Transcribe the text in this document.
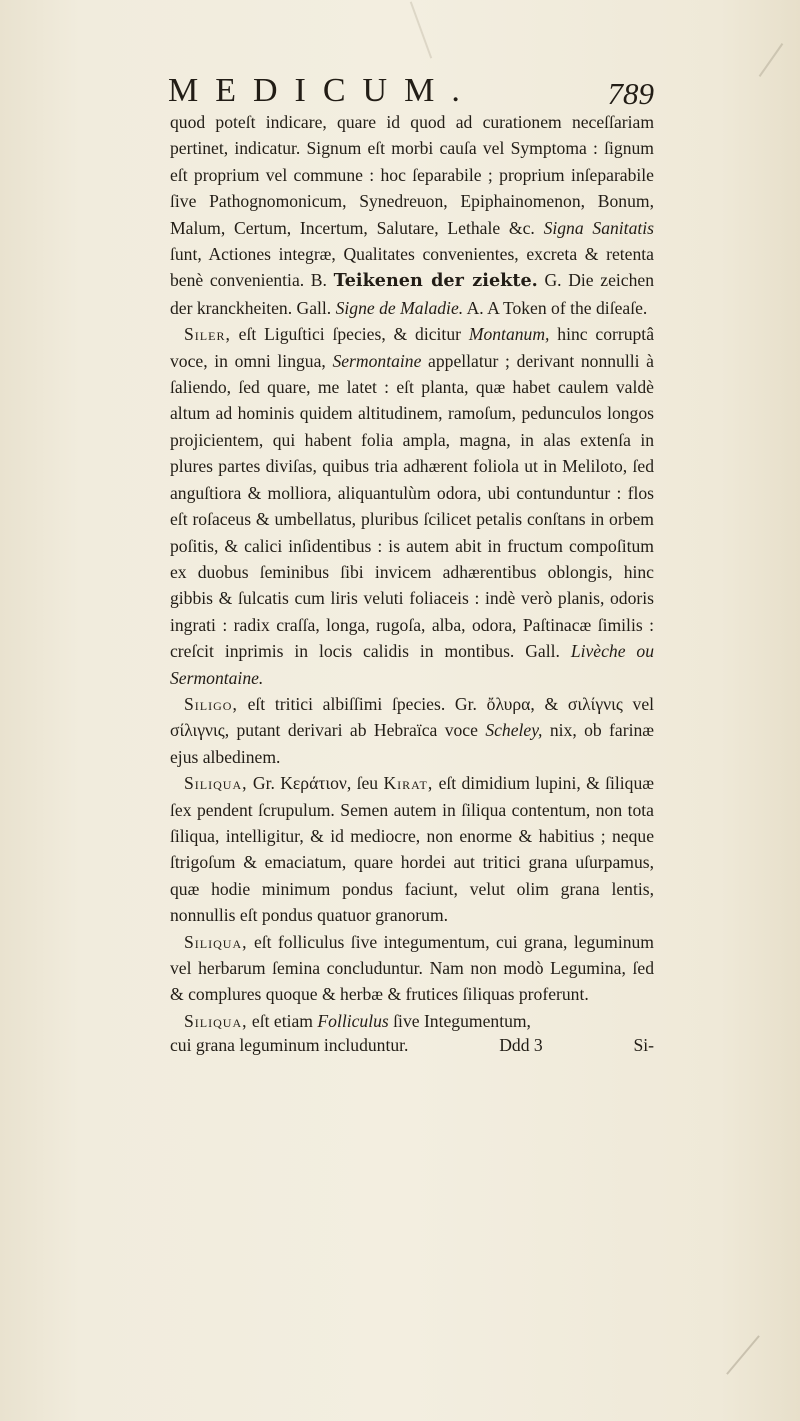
MEDICUM.	789

quod poteſt indicare, quare id quod ad curationem neceſſariam pertinet, indicatur. Signum eſt morbi cauſa vel Symptoma : ſignum eſt proprium vel commune : hoc ſeparabile ; proprium inſeparabile ſive Pathognomonicum, Synedreuon, Epiphainomenon, Bonum, Malum, Certum, Incertum, Salutare, Lethale &c. Signa Sanitatis ſunt, Actiones integræ, Qualitates convenientes, excreta & retenta benè convenientia. B. Teikenen der ziekte. G. Die zeichen der kranckheiten. Gall. Signe de Maladie. A. A Token of the diſeaſe.

Siler, eſt Liguſtici ſpecies, & dicitur Montanum, hinc corruptâ voce, in omni lingua, Sermontaine appellatur ; derivant nonnulli à ſaliendo, ſed quare, me latet : eſt planta, quæ habet caulem valdè altum ad hominis quidem altitudinem, ramoſum, pedunculos longos projicientem, qui habent folia ampla, magna, in alas extenſa in plures partes diviſas, quibus tria adhærent foliola ut in Meliloto, ſed anguſtiora & molliora, aliquantulùm odora, ubi contunduntur : flos eſt roſaceus & umbellatus, pluribus ſcilicet petalis conſtans in orbem poſitis, & calici inſidentibus : is autem abit in fructum compoſitum ex duobus ſeminibus ſibi invicem adhærentibus oblongis, hinc gibbis & ſulcatis cum liris veluti foliaceis : indè verò planis, odoris ingrati : radix craſſa, longa, rugoſa, alba, odora, Paſtinacæ ſimilis : creſcit inprimis in locis calidis in montibus. Gall. Livèche ou Sermontaine.

Siligo, eſt tritici albiſſimi ſpecies. Gr. ὄλυρα, & σιλίγνις vel σίλιγνις, putant derivari ab Hebraïca voce Scheley, nix, ob farinæ ejus albedinem.

Siliqua, Gr. Κεράτιον, ſeu Kirat, eſt dimidium lupini, & ſiliquæ ſex pendent ſcrupulum. Semen autem in ſiliqua contentum, non tota ſiliqua, intelligitur, & id mediocre, non enorme & habitius ; neque ſtrigoſum & emaciatum, quare hordei aut tritici grana uſurpamus, quæ hodie minimum pondus faciunt, velut olim grana lentis, nonnullis eſt pondus quatuor granorum.

Siliqua, eſt folliculus ſive integumentum, cui grana, leguminum vel herbarum ſemina concluduntur. Nam non modò Legumina, ſed & complures quoque & herbæ & frutices ſiliquas proferunt.

Siliqua, eſt etiam Folliculus ſive Integumentum,

cui grana leguminum includuntur.	Ddd 3	Si-
